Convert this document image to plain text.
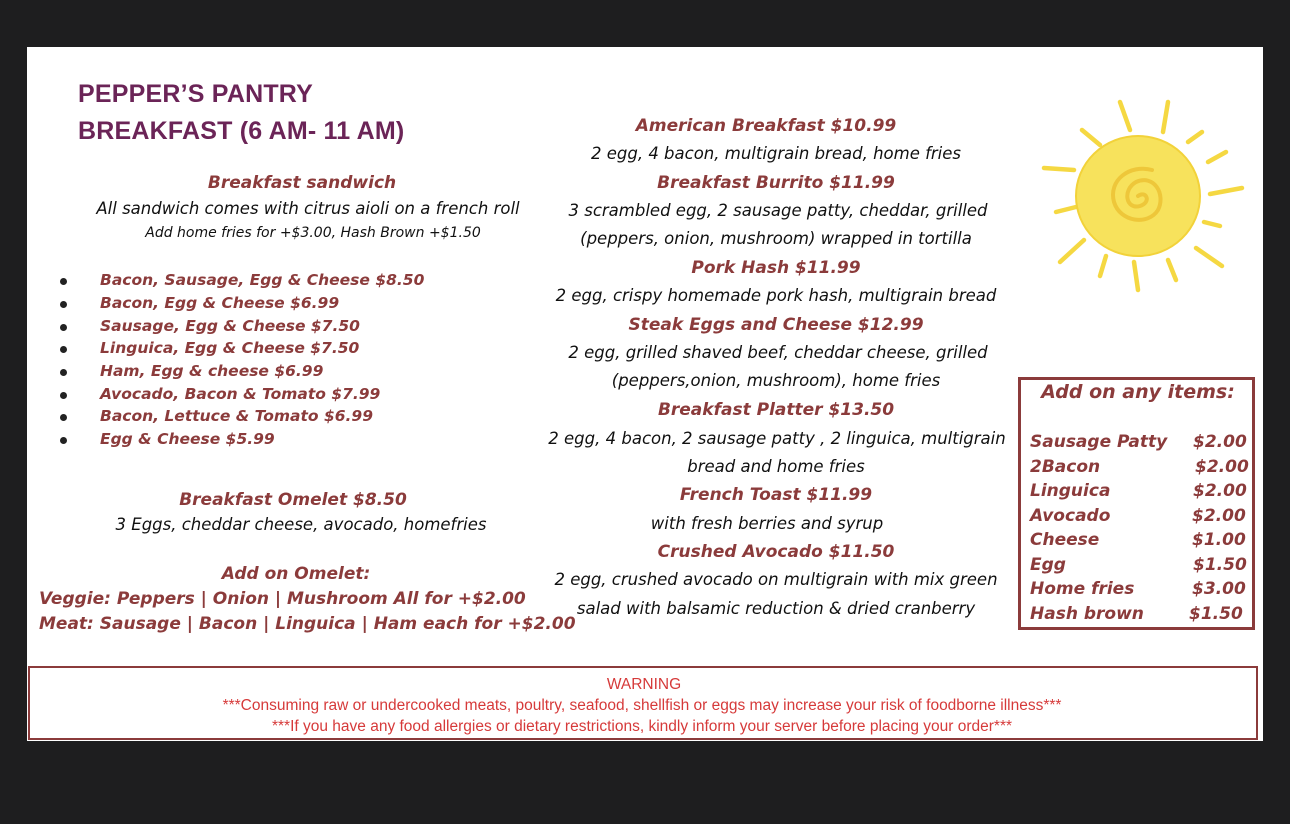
PEPPER’S PANTRY
BREAKFAST (6 AM- 11 AM)
Breakfast sandwich
All sandwich comes with citrus aioli on a french roll
Add home fries for +$3.00, Hash Brown +$1.50
Bacon, Sausage, Egg & Cheese $8.50
Bacon, Egg & Cheese $6.99
Sausage, Egg & Cheese $7.50
Linguica, Egg & Cheese $7.50
Ham, Egg & cheese $6.99
Avocado, Bacon & Tomato $7.99
Bacon, Lettuce & Tomato $6.99
Egg & Cheese $5.99
Breakfast Omelet $8.50
3 Eggs, cheddar cheese, avocado, homefries
Add on Omelet:
Veggie: Peppers | Onion | Mushroom All for +$2.00
Meat: Sausage | Bacon | Linguica | Ham each for +$2.00
American Breakfast $10.99
2 egg, 4 bacon, multigrain bread, home fries
Breakfast Burrito $11.99
3 scrambled egg, 2 sausage patty, cheddar, grilled
(peppers, onion, mushroom) wrapped in tortilla
Pork Hash $11.99
2 egg, crispy homemade pork hash, multigrain bread
Steak Eggs and Cheese $12.99
2 egg, grilled shaved beef, cheddar cheese, grilled
(peppers,onion, mushroom), home fries
Breakfast Platter $13.50
2 egg, 4 bacon, 2 sausage patty , 2 linguica, multigrain
bread and home fries
French Toast $11.99
with fresh berries and syrup
Crushed Avocado $11.50
2 egg, crushed avocado on multigrain with mix green
salad with balsamic reduction & dried cranberry
Add on any items:
Sausage Patty $2.00
2Bacon	$2.00
Linguica	$2.00
Avocado	$2.00
Cheese	$1.00
Egg	$1.50
Home fries	$3.00
Hash brown	$1.50
WARNING
***Consuming raw or undercooked meats, poultry, seafood, shellfish or eggs may increase your risk of foodborne illness***
***If you have any food allergies or dietary restrictions, kindly inform your server before placing your order***
